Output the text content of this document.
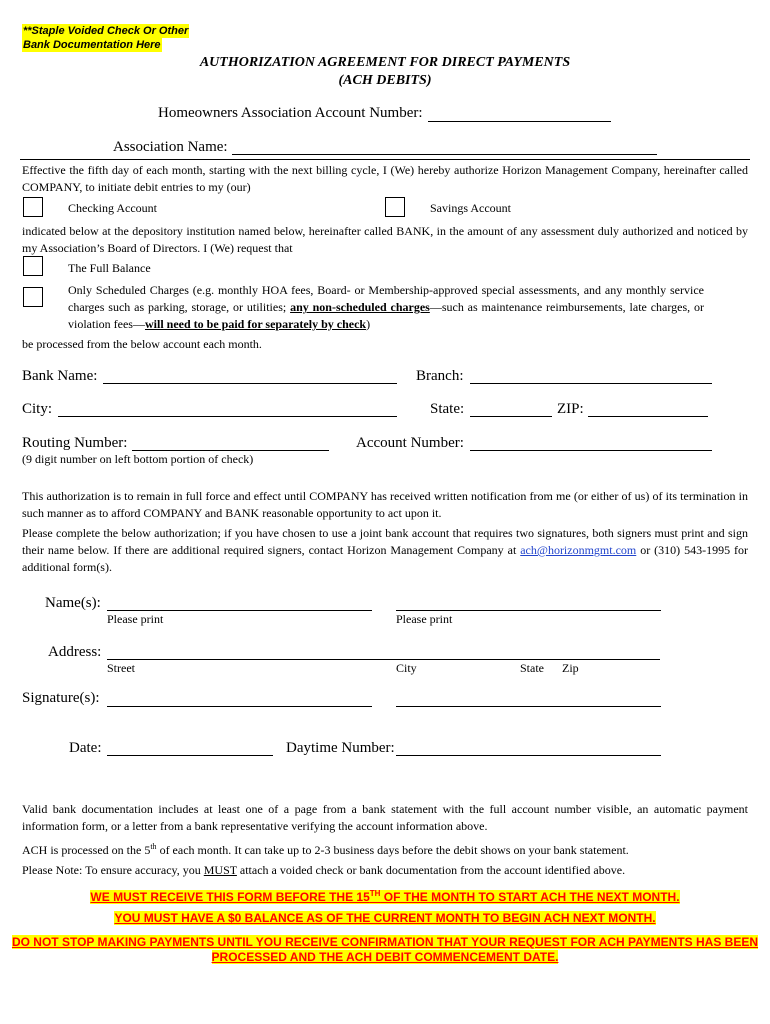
**Staple Voided Check Or Other
Bank Documentation Here
AUTHORIZATION AGREEMENT FOR DIRECT PAYMENTS
(ACH DEBITS)
Homeowners Association Account Number:
Association Name:
Effective the fifth day of each month, starting with the next billing cycle, I (We) hereby authorize Horizon Management Company, hereinafter called COMPANY, to initiate debit entries to my (our)
Checking Account	Savings Account
indicated below at the depository institution named below, hereinafter called BANK, in the amount of any assessment duly authorized and noticed by my Association’s Board of Directors. I (We) request that
The Full Balance
Only Scheduled Charges (e.g. monthly HOA fees, Board- or Membership-approved special assessments, and any monthly service charges such as parking, storage, or utilities; any non-scheduled charges—such as maintenance reimbursements, late charges, or violation fees—will need to be paid for separately by check)
be processed from the below account each month.
Bank Name:	Branch:
City:	State:	ZIP:
Routing Number:	Account Number:
(9 digit number on left bottom portion of check)
This authorization is to remain in full force and effect until COMPANY has received written notification from me (or either of us) of its termination in such manner as to afford COMPANY and BANK reasonable opportunity to act upon it.
Please complete the below authorization; if you have chosen to use a joint bank account that requires two signatures, both signers must print and sign their name below. If there are additional required signers, contact Horizon Management Company at ach@horizonmgmt.com or (310) 543-1995 for additional form(s).
Name(s):
Please print	Please print
Address:
Street	City	State Zip
Signature(s):
Date:	Daytime Number:
Valid bank documentation includes at least one of a page from a bank statement with the full account number visible, an automatic payment information form, or a letter from a bank representative verifying the account information above.
ACH is processed on the 5th of each month. It can take up to 2-3 business days before the debit shows on your bank statement.
Please Note: To ensure accuracy, you MUST attach a voided check or bank documentation from the account identified above.
WE MUST RECEIVE THIS FORM BEFORE THE 15TH OF THE MONTH TO START ACH THE NEXT MONTH.
YOU MUST HAVE A $0 BALANCE AS OF THE CURRENT MONTH TO BEGIN ACH NEXT MONTH.
DO NOT STOP MAKING PAYMENTS UNTIL YOU RECEIVE CONFIRMATION THAT YOUR REQUEST FOR ACH PAYMENTS HAS BEEN
PROCESSED AND THE ACH DEBIT COMMENCEMENT DATE.
